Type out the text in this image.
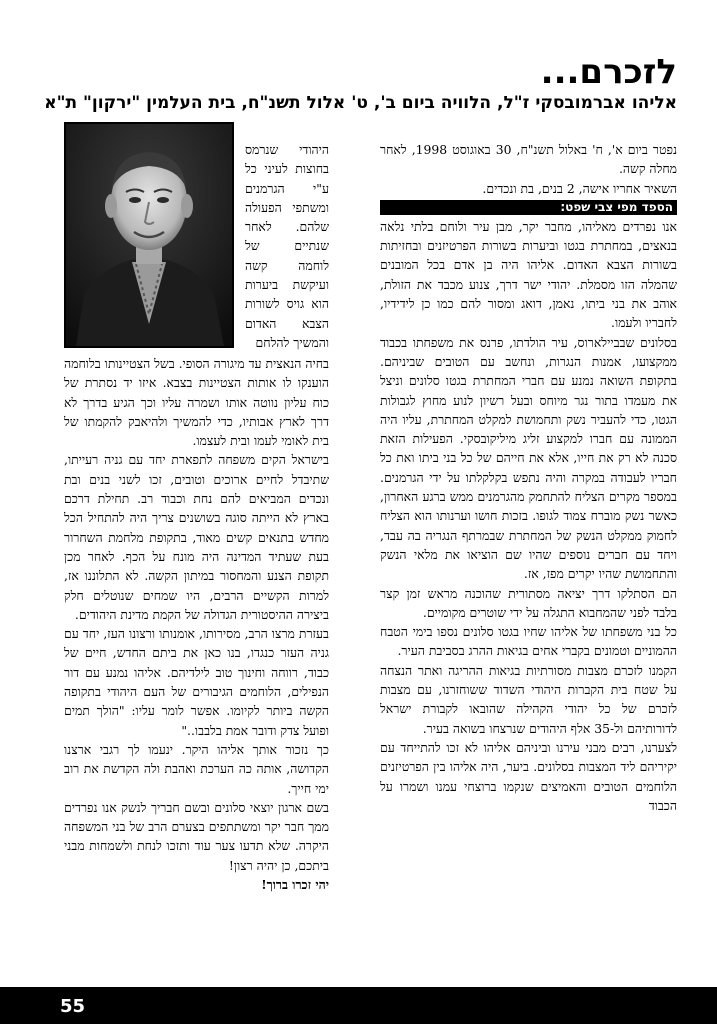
לזכרם...
אליהו אברמובסקי ז"ל, הלוויה ביום ב', ט' אלול תשנ"ח, בית העלמין "ירקון" ת"א

היהודי שנרמס בחוצות לעיני כל ע"י הגרמנים ומשתפי הפעולה שלהם. לאחר שנתיים של לוחמה קשה ועיקשת ביערות הוא גויס לשורות הצבא האדום והמשיך להלחם

נפטר ביום א', ח' באלול תשנ"ח, 30 באוגוסט 1998, לאחר מחלה קשה.

השאיר אחריו אישה, 2 בנים, בת ונכדים.

הספד מפי צבי שפט:

אנו נפרדים מאליהו, מחבר יקר, מבן עיר ולוחם בלתי נלאה בנאצים, במחתרת בגטו וביערות בשורות הפרטיזנים ובחזיתות בשורות הצבא האדום. אליהו היה בן אדם בכל המובנים שהמלה הזו מסמלת. יהודי ישר דרך, צנוע מכבד את הזולת, אוהב את בני ביתו, נאמן, דואג ומסור להם כמו כן לידידיו, לחבריו ולעמו.

בסלונים שבביילארוס, עיר הולדתו, פרנס את משפחתו בכבוד ממקצועו, אמנות הנגרות, ונחשב עם הטובים שביניהם. בתקופת השואה נמנע עם חברי המחתרת בגטו סלונים וניצל את מעמדו בתור נגר מיוחס ובעל רשיון לנוע מחוץ לגבולות הגטו, כדי להעביר נשק ותחמושת למקלט המחתרת, עליו היה הממונה עם חברו למקצוע זליג מיליקובסקי. הפעילות הזאת סכנה לא רק את חייו, אלא את חייהם של כל בני ביתו ואת כל חבריו לעבודה במקרה והיה נתפש בקלקלתו על ידי הגרמנים. במספר מקרים הצליח להתחמק מהגרמנים ממש ברגע האחרון, כאשר נשק מוברח צמוד לגופו. בזכות חושו וערנותו הוא הצליח לחמוק ממקלט הנשק של המחתרת שבמרתף הנגריה בה עבד, ויחד עם חברים נוספים שהיו שם הוציאו את מלאי הנשק והתחמושת שהיו יקרים מפז, אז.

הם הסתלקו דרך יציאה מסתורית שהוכנה מראש זמן קצר בלבד לפני שהמחבוא התגלה על ידי שוטרים מקומיים.

כל בני משפחתו של אליהו שחיו בגטו סלונים נספו בימי הטבח ההמוניים וטמונים בקברי אחים בגיאות ההרג בסביבת העיר.

הקמנו לזכרם מצבות מסורתיות בגיאות ההריגה ואתר הנצחה על שטח בית הקברות היהודי השדוד ששוחזרנו, עם מצבות לזכרם של כל יהודי הקהילה שהובאו לקבורת ישראל לדורותיהם ול-35 אלף היהודים שנרצחו בשואה בעיר.

לצערנו, רבים מבני עירנו וביניהם אליהו לא זכו להתייחד עם יקיריהם ליד המצבות בסלונים. ביער, היה אליהו בין הפרטיזנים הלוחמים הטובים והאמיצים שנקמו ברוצחי עמנו ושמרו על הכבוד

בחיה הנאצית עד מיגורה הסופי. בשל הצטיינותו בלוחמה הוענקו לו אותות הצטיינות בצבא. איזו יד נסתרת של כוח עליון נווטה אותו ושמרה עליו וכך הגיע בדרך לא דרך לארץ אבותיו, כדי להמשיך ולהיאבק להקמתו של בית לאומי לעמו ובית לעצמו.

בישראל הקים משפחה לתפארת יחד עם גניה רעייתו, שתיבדל לחיים ארוכים וטובים, זכו לשני בנים ובת ונכדים המביאים להם נחת וכבוד רב. תחילת דרכם בארץ לא הייתה סוגה בשושנים צריך היה להתחיל הכל מחדש בתנאים קשים מאוד, בתקופת מלחמת השחרור בעת שעתיד המדינה היה מונח על הכף. לאחר מכן תקופת הצנע והמחסור במיתון הקשה. לא התלוננו אז, למרות הקשיים הרבים, היו שמחים שנוטלים חלק ביצירה ההיסטורית הגדולה של הקמת מדינת היהודים.

בעזרת מרצו הרב, מסירותו, אומנותו ורצונו העז, יחד עם גניה העזר כנגדו, בנו כאן את ביתם החדש, חיים של כבוד, רווחה וחינוך טוב לילדיהם. אליהו נמנע עם דור הנפילים, הלוחמים הגיבורים של העם היהודי בתקופה הקשה ביותר לקיומו. אפשר לומר עליו: "הולך תמים ופועל צדק ודובר אמת בלבבו.."

כך נזכור אותך אליהו היקר. ינעמו לך רגבי ארצנו הקדושה, אותה כה הערכת ואהבת ולה הקדשת את רוב ימי חייך.

בשם ארגון יוצאי סלונים ובשם חבריך לנשק אנו נפרדים ממך חבר יקר ומשתתפים בצערם הרב של בני המשפחה היקרה. שלא תדעו צער עוד ותזכו לנחת ולשמחות מבני ביתכם, כן יהיה רצון!

יהי זכרו ברוך!

55
